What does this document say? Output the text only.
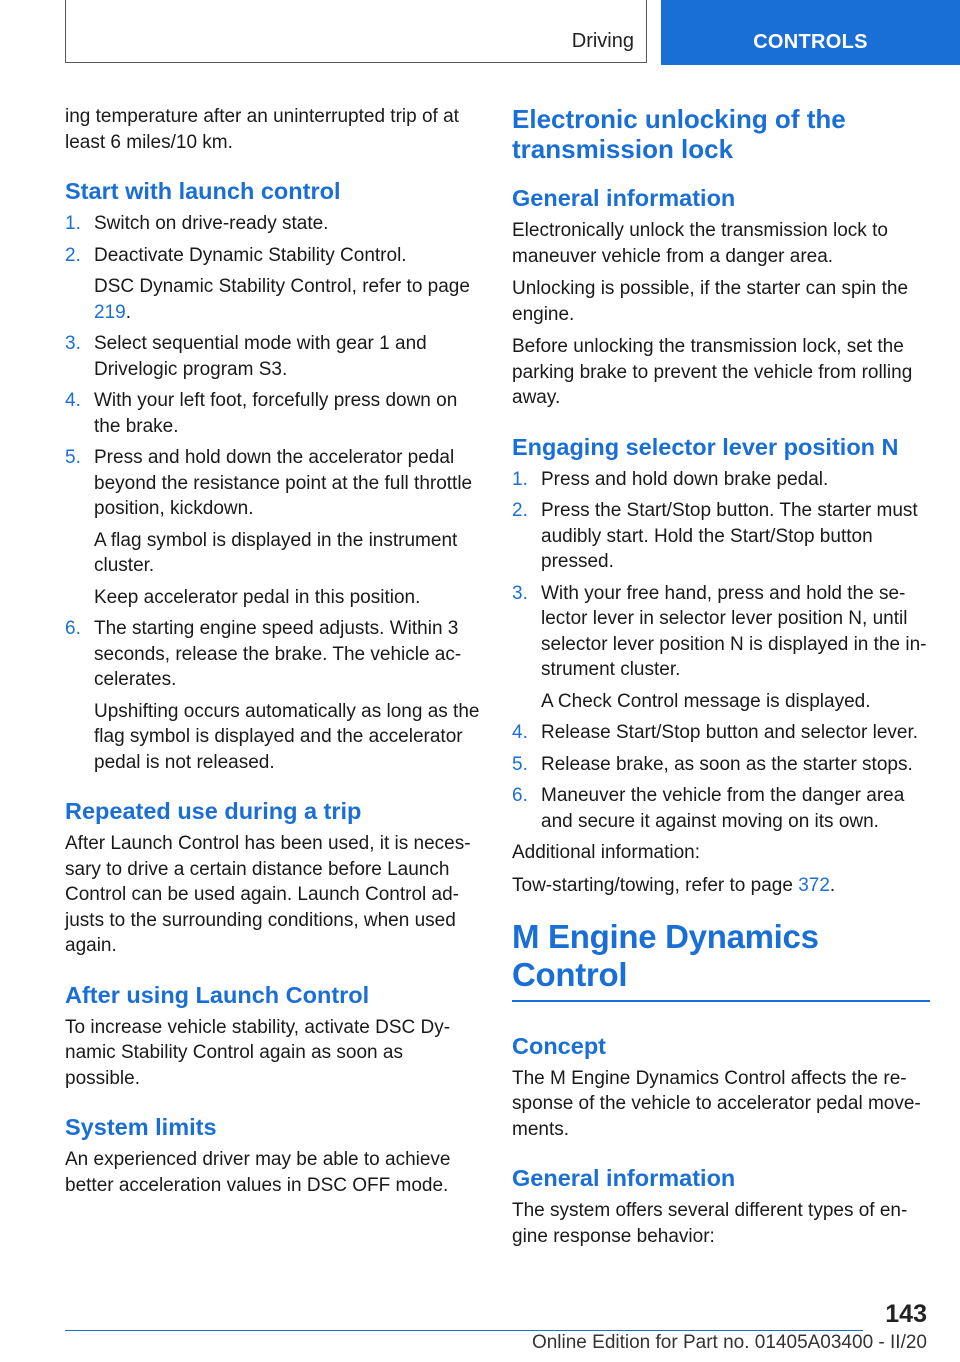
Driving	CONTROLS

ing temperature after an uninterrupted trip of at least 6 miles/10 km.

Start with launch control
1. Switch on drive-ready state.
2. Deactivate Dynamic Stability Control.

DSC Dynamic Stability Control, refer to page 219.

3. Select sequential mode with gear 1 and Drivelogic program S3.
4. With your left foot, forcefully press down on the brake.
5. Press and hold down the accelerator pedal beyond the resistance point at the full throttle position, kickdown.

A flag symbol is displayed in the instrument cluster.

Keep accelerator pedal in this position.

6. The starting engine speed adjusts. Within 3 seconds, release the brake. The vehicle ac-celerates.

Upshifting occurs automatically as long as the flag symbol is displayed and the accelerator pedal is not released.

Repeated use during a trip

After Launch Control has been used, it is neces-sary to drive a certain distance before Launch Control can be used again. Launch Control ad-justs to the surrounding conditions, when used again.

After using Launch Control

To increase vehicle stability, activate DSC Dy-namic Stability Control again as soon as possible.

System limits

An experienced driver may be able to achieve better acceleration values in DSC OFF mode.

Electronic unlocking of the transmission lock
General information

Electronically unlock the transmission lock to maneuver vehicle from a danger area.

Unlocking is possible, if the starter can spin the engine.

Before unlocking the transmission lock, set the parking brake to prevent the vehicle from rolling away.

Engaging selector lever position N
1. Press and hold down brake pedal.
2. Press the Start/Stop button. The starter must audibly start. Hold the Start/Stop button pressed.
3. With your free hand, press and hold the se-lector lever in selector lever position N, until selector lever position N is displayed in the in-strument cluster.

A Check Control message is displayed.

4. Release Start/Stop button and selector lever.
5. Release brake, as soon as the starter stops.
6. Maneuver the vehicle from the danger area and secure it against moving on its own.

Additional information:

Tow-starting/towing, refer to page 372.

M Engine Dynamics Control
Concept

The M Engine Dynamics Control affects the re-sponse of the vehicle to accelerator pedal move-ments.

General information

The system offers several different types of en-gine response behavior:

143
Online Edition for Part no. 01405A03400 - II/20
